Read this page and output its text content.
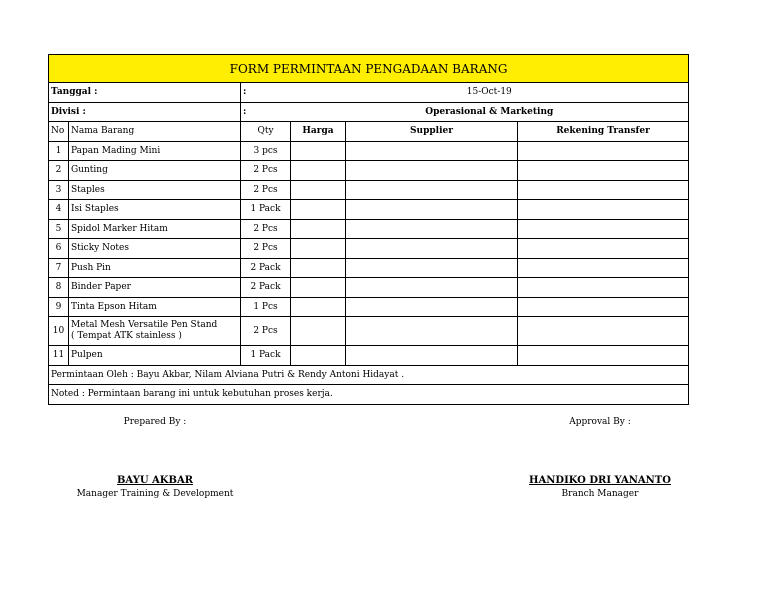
FORM PERMINTAAN PENGADAAN BARANG					
Tanggal :		:	15-Oct-19		
Divisi :		:	Operasional & Marketing		
No	Nama Barang	Qty	Harga	Supplier	Rekening Transfer
1	Papan Mading Mini	3 pcs			
2	Gunting	2 Pcs			
3	Staples	2 Pcs			
4	Isi Staples	1 Pack			
5	Spidol Marker Hitam	2 Pcs			
6	Sticky Notes	2 Pcs			
7	Push Pin	2 Pack			
8	Binder Paper	2 Pack			
9	Tinta Epson Hitam	1 Pcs			
10	Metal Mesh Versatile Pen Stand
( Tempat ATK stainless )	2 Pcs			
11	Pulpen	1 Pack			
Permintaan Oleh : Bayu Akbar, Nilam Alviana Putri & Rendy Antoni Hidayat .					
Noted : Permintaan barang ini untuk kebutuhan proses kerja.					
Prepared By :	Approval By :
BAYU AKBAR
Manager Training & Development
HANDIKO DRI YANANTO
Branch Manager
